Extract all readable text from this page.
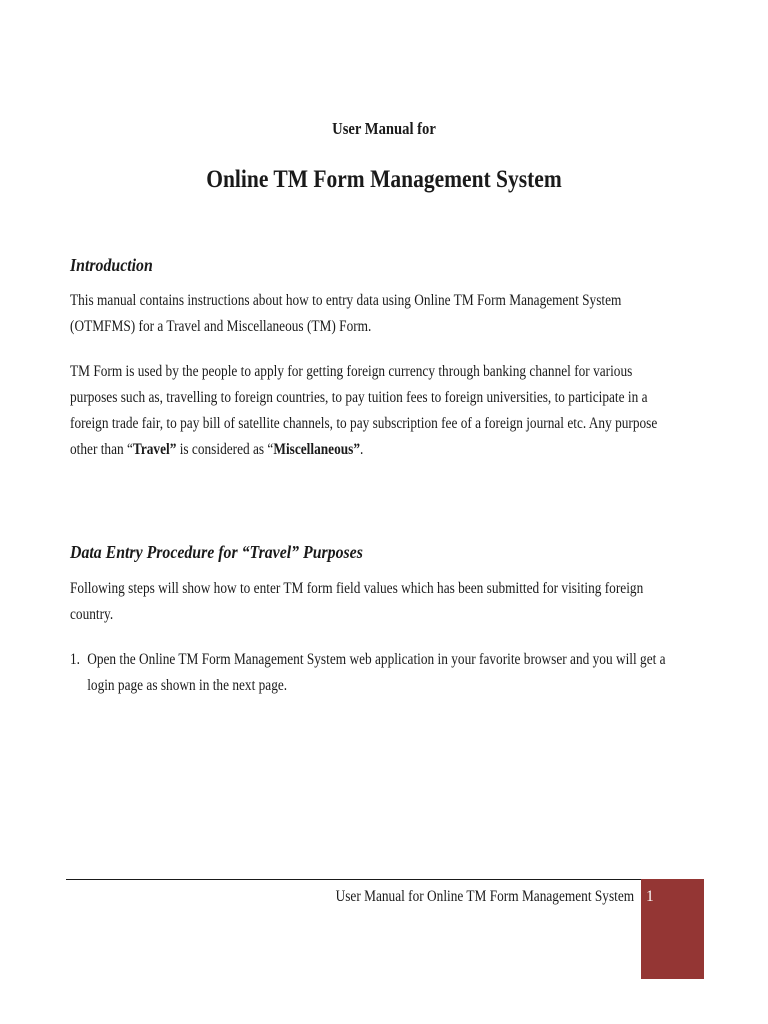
User Manual for
Online TM Form Management System
Introduction
This manual contains instructions about how to entry data using Online TM Form Management System
(OTMFMS) for a Travel and Miscellaneous (TM) Form.
TM Form is used by the people to apply for getting foreign currency through banking channel for various
purposes such as, travelling to foreign countries, to pay tuition fees to foreign universities, to participate in a
foreign trade fair, to pay bill of satellite channels, to pay subscription fee of a foreign journal etc. Any purpose
other than “Travel” is considered as “Miscellaneous”.
Data Entry Procedure for “Travel” Purposes
Following steps will show how to enter TM form field values which has been submitted for visiting foreign
country.
1. Open the Online TM Form Management System web application in your favorite browser and you will get a
login page as shown in the next page.
User Manual for Online TM Form Management System 1
